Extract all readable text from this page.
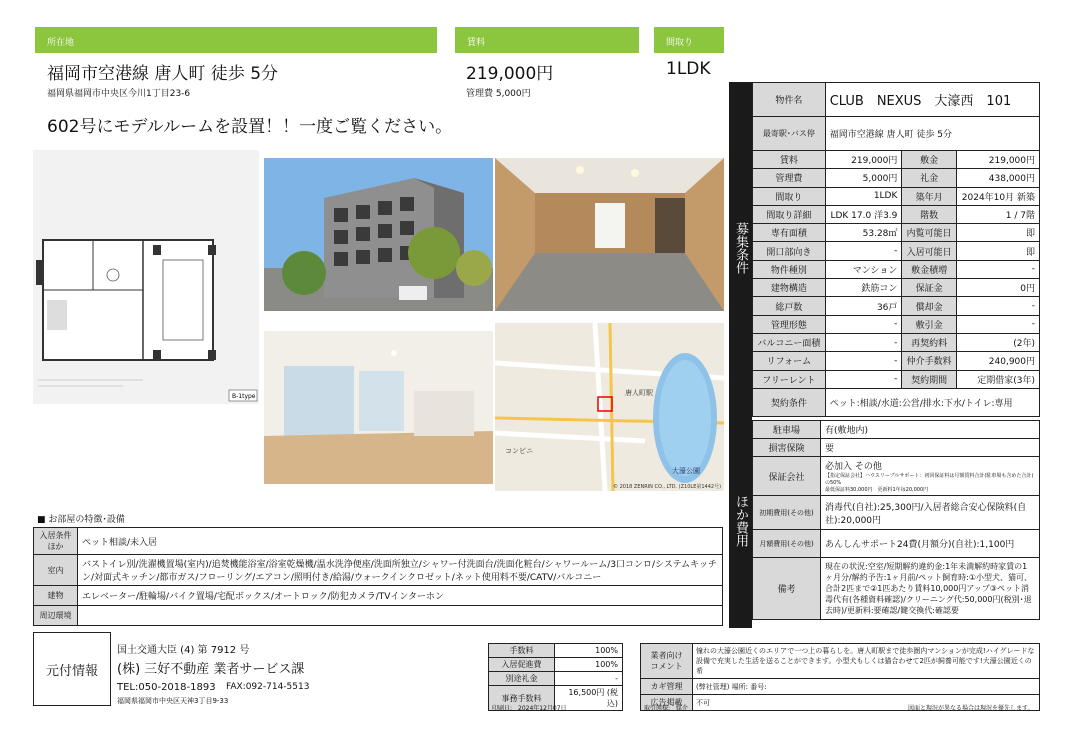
所在地	賃料	間取り
福岡市空港線 唐人町 徒歩 5分
福岡県福岡市中央区今川1丁目23-6
219,000円
管理費 5,000円
1LDK
602号にモデルルームを設置！！一度ご覧ください。
B-1type	唐人町駅
大濠公園
コンビニ
© 2018 ZENRIN CO., LTD. (Z10LE第1442号)
募集条件
ほか費用
物件名	CLUB　NEXUS　大濠西　101		
最寄駅･バス停	福岡市空港線 唐人町 徒歩 5分		
賃料	219,000円	敷金	219,000円
管理費	5,000円	礼金	438,000円
間取り	1LDK	築年月	2024年10月 新築
間取り詳細	LDK 17.0 洋3.9	階数	1 / 7階
専有面積	53.28㎡	内覧可能日	即
開口部向き	-	入居可能日	即
物件種別	マンション	敷金積増	-
建物構造	鉄筋コン	保証金	0円
総戸数	36戸	償却金	-
管理形態	-	敷引金	-
バルコニー面積	-	再契約料	(2年)
リフォーム	-	仲介手数料	240,900円
フリーレント	-	契約期間	定期借家(3年)
契約条件	ペット:相談/水道:公営/排水:下水/トイレ:専用		
駐車場	有(敷地内)
損害保険	要
保証会社	必加入 その他
【指定保証会社】ハウスリーブルサポート：初回保証料は月額賃料合計(駐車場も含めた合計)の50%
最低保証料30,000円　更新料1年毎20,000円

初期費用(その他)	消毒代(自社):25,300円/入居者総合安心保険料(自社):20,000円
月額費用(その他)	あんしんサポート24費(月額分)(自社):1,100円
備考	現在の状況:空室/短期解約違約金:1年未満解約時家賃の1ヶ月分/解約予告:1ヶ月前/ペット飼育時:①小型犬、猫可、合計2匹まで②1匹あたり賃料10,000円アップ③ペット消毒代有(各種資料確認)/クリーニング代:50,000円(税別･退去時)/更新料:要確認/鍵交換代:確認要
■ お部屋の特徴･設備
入居条件ほか	ペット相談/未入居
室内	バストイレ別/洗濯機置場(室内)/追焚機能浴室/浴室乾燥機/温水洗浄便座/洗面所独立/シャワー付洗面台/洗面化粧台/シャワールーム/3口コンロ/システムキッチン/対面式キッチン/都市ガス/フローリング/エアコン/照明付き/給湯/ウォークインクロゼット/ネット使用料不要/CATV/バルコニー
建物	エレベーター/駐輪場/バイク置場/宅配ボックス/オートロック/防犯カメラ/TVインターホン
周辺環境	
元付情報
国土交通大臣 (4) 第 7912 号
(株) 三好不動産 業者サービス課
TEL:050-2018-1893 FAX:092-714-5513
福岡県福岡市中央区天神3丁目9-33
手数料	100%
入居促進費	100%
別途礼金	-
事務手数料	16,500円 (税込)
印刷日:　2024年12月07日
業者向け
コメント	憧れの大濠公園近くのエリアで一つ上の暮らしを。唐人町駅まで徒歩圏内マンションが完成!ハイグレードな設備で充実した生活を送ることができます。小型犬もしくは猫合わせて2匹が飼養可能です!大濠公園近くの希
カギ管理	(弊社管理) 場所: 番号:
広告掲載	不可
取引態様:　媒介	図面と現況が異なる場合は現況を優先します。
